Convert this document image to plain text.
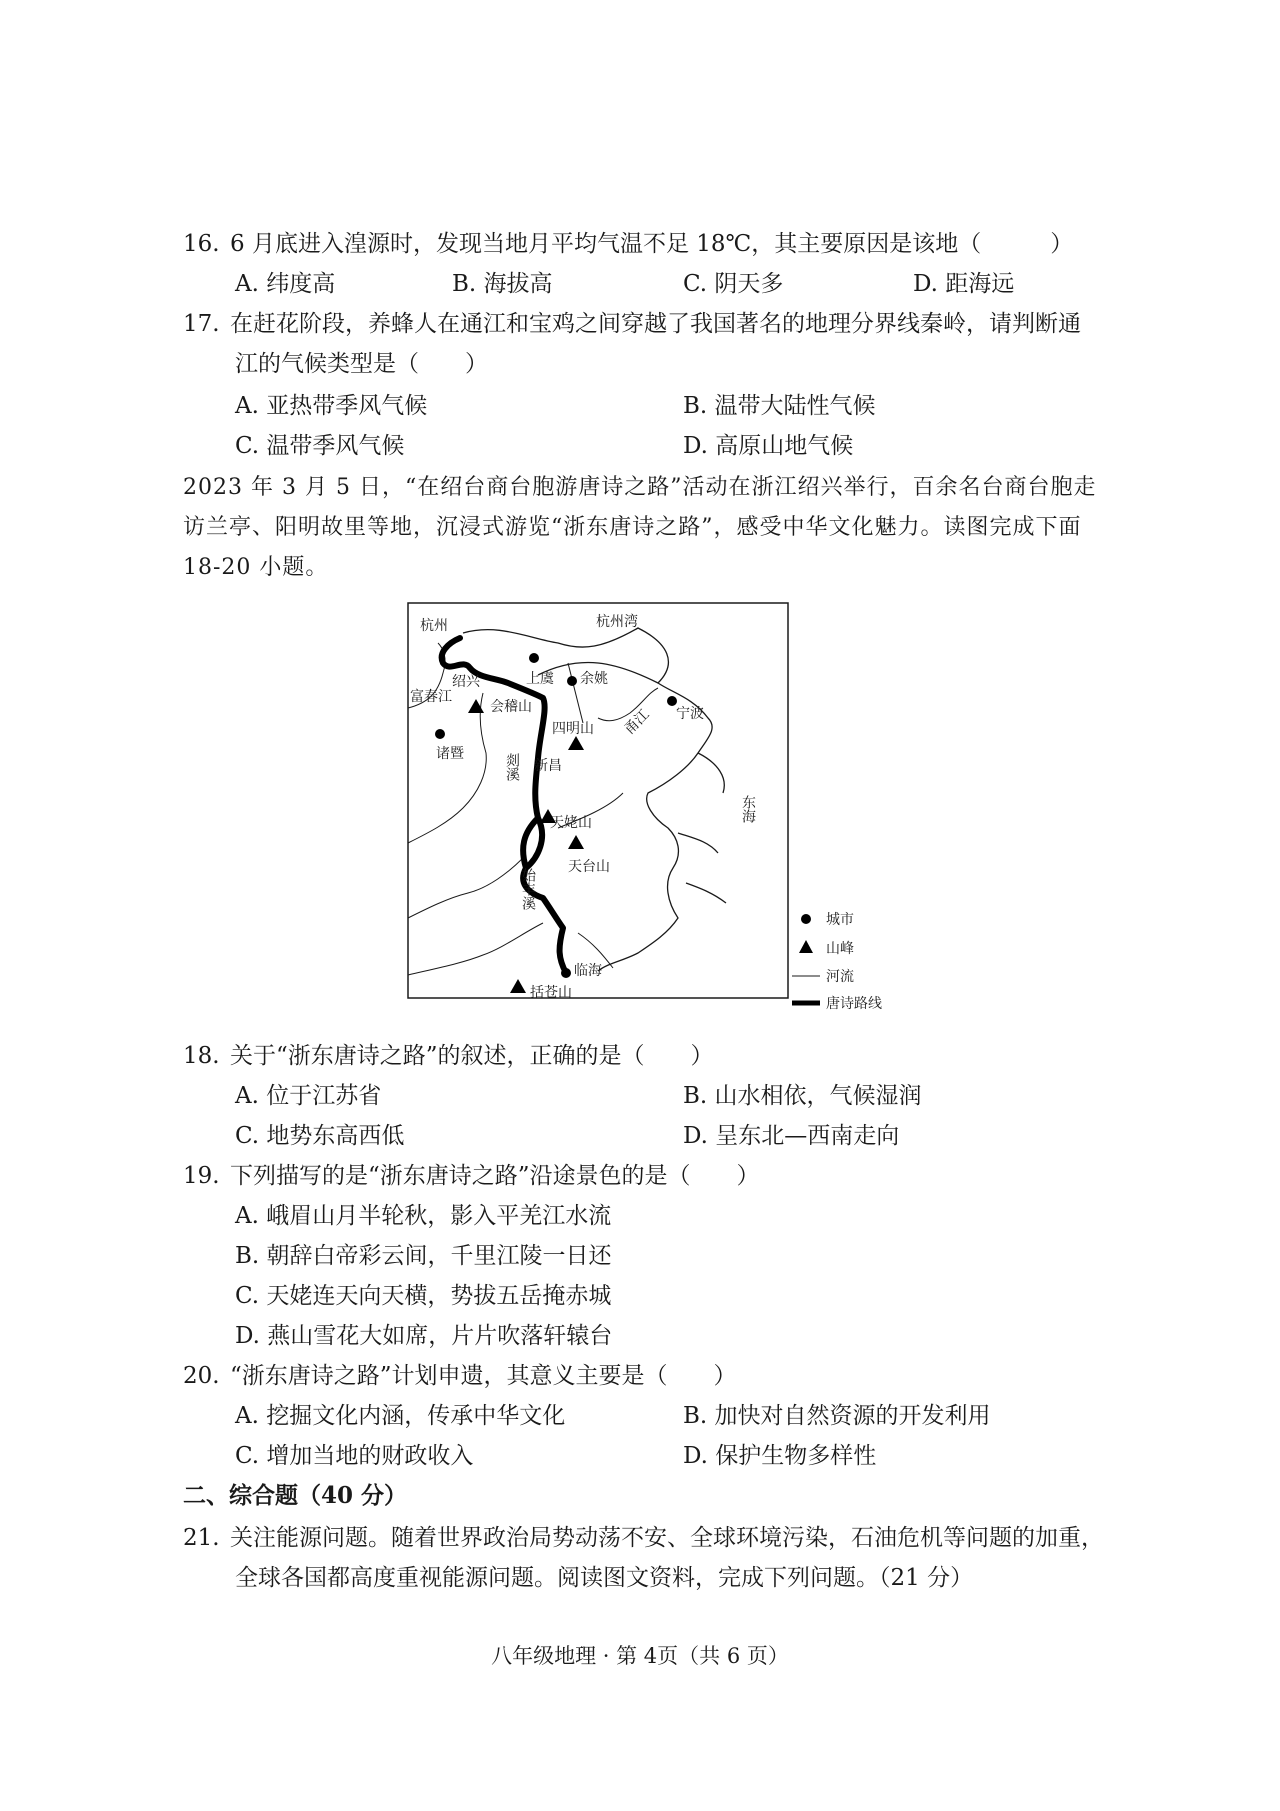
16. 6 月底进入湟源时，发现当地月平均气温不足 18℃，其主要原因是该地（　　　）
A. 纬度高	B. 海拔高	C. 阴天多	D. 距海远
17. 在赶花阶段，养蜂人在通江和宝鸡之间穿越了我国著名的地理分界线秦岭，请判断通
江的气候类型是（　　）
A. 亚热带季风气候	B. 温带大陆性气候
C. 温带季风气候	D. 高原山地气候
2023 年 3 月 5 日，“在绍台商台胞游唐诗之路”活动在浙江绍兴举行，百余名台商台胞走访兰亭、阳明故里等地，沉浸式游览“浙东唐诗之路”，感受中华文化魅力。读图完成下面 18-20 小题。
杭州	杭州湾
绍兴	上虞 余姚
富春江
会稽山
四明山 甬江 宁波
诸暨	剡溪 新昌
东海
天姥山
始丰溪
天台山
临海
括苍山
城市
山峰
河流
唐诗路线
18. 关于“浙东唐诗之路”的叙述，正确的是（　　）
A. 位于江苏省	B. 山水相依，气候湿润
C. 地势东高西低	D. 呈东北—西南走向
19. 下列描写的是“浙东唐诗之路”沿途景色的是（　　）
A. 峨眉山月半轮秋，影入平羌江水流
B. 朝辞白帝彩云间，千里江陵一日还
C. 天姥连天向天横，势拔五岳掩赤城
D. 燕山雪花大如席，片片吹落轩辕台
20. “浙东唐诗之路”计划申遗，其意义主要是（　　）
A. 挖掘文化内涵，传承中华文化	B. 加快对自然资源的开发利用
C. 增加当地的财政收入	D. 保护生物多样性
二、综合题（40 分）
21. 关注能源问题。随着世界政治局势动荡不安、全球环境污染，石油危机等问题的加重，
全球各国都高度重视能源问题。阅读图文资料，完成下列问题。（21 分）
八年级地理 · 第 4页（共 6 页）
